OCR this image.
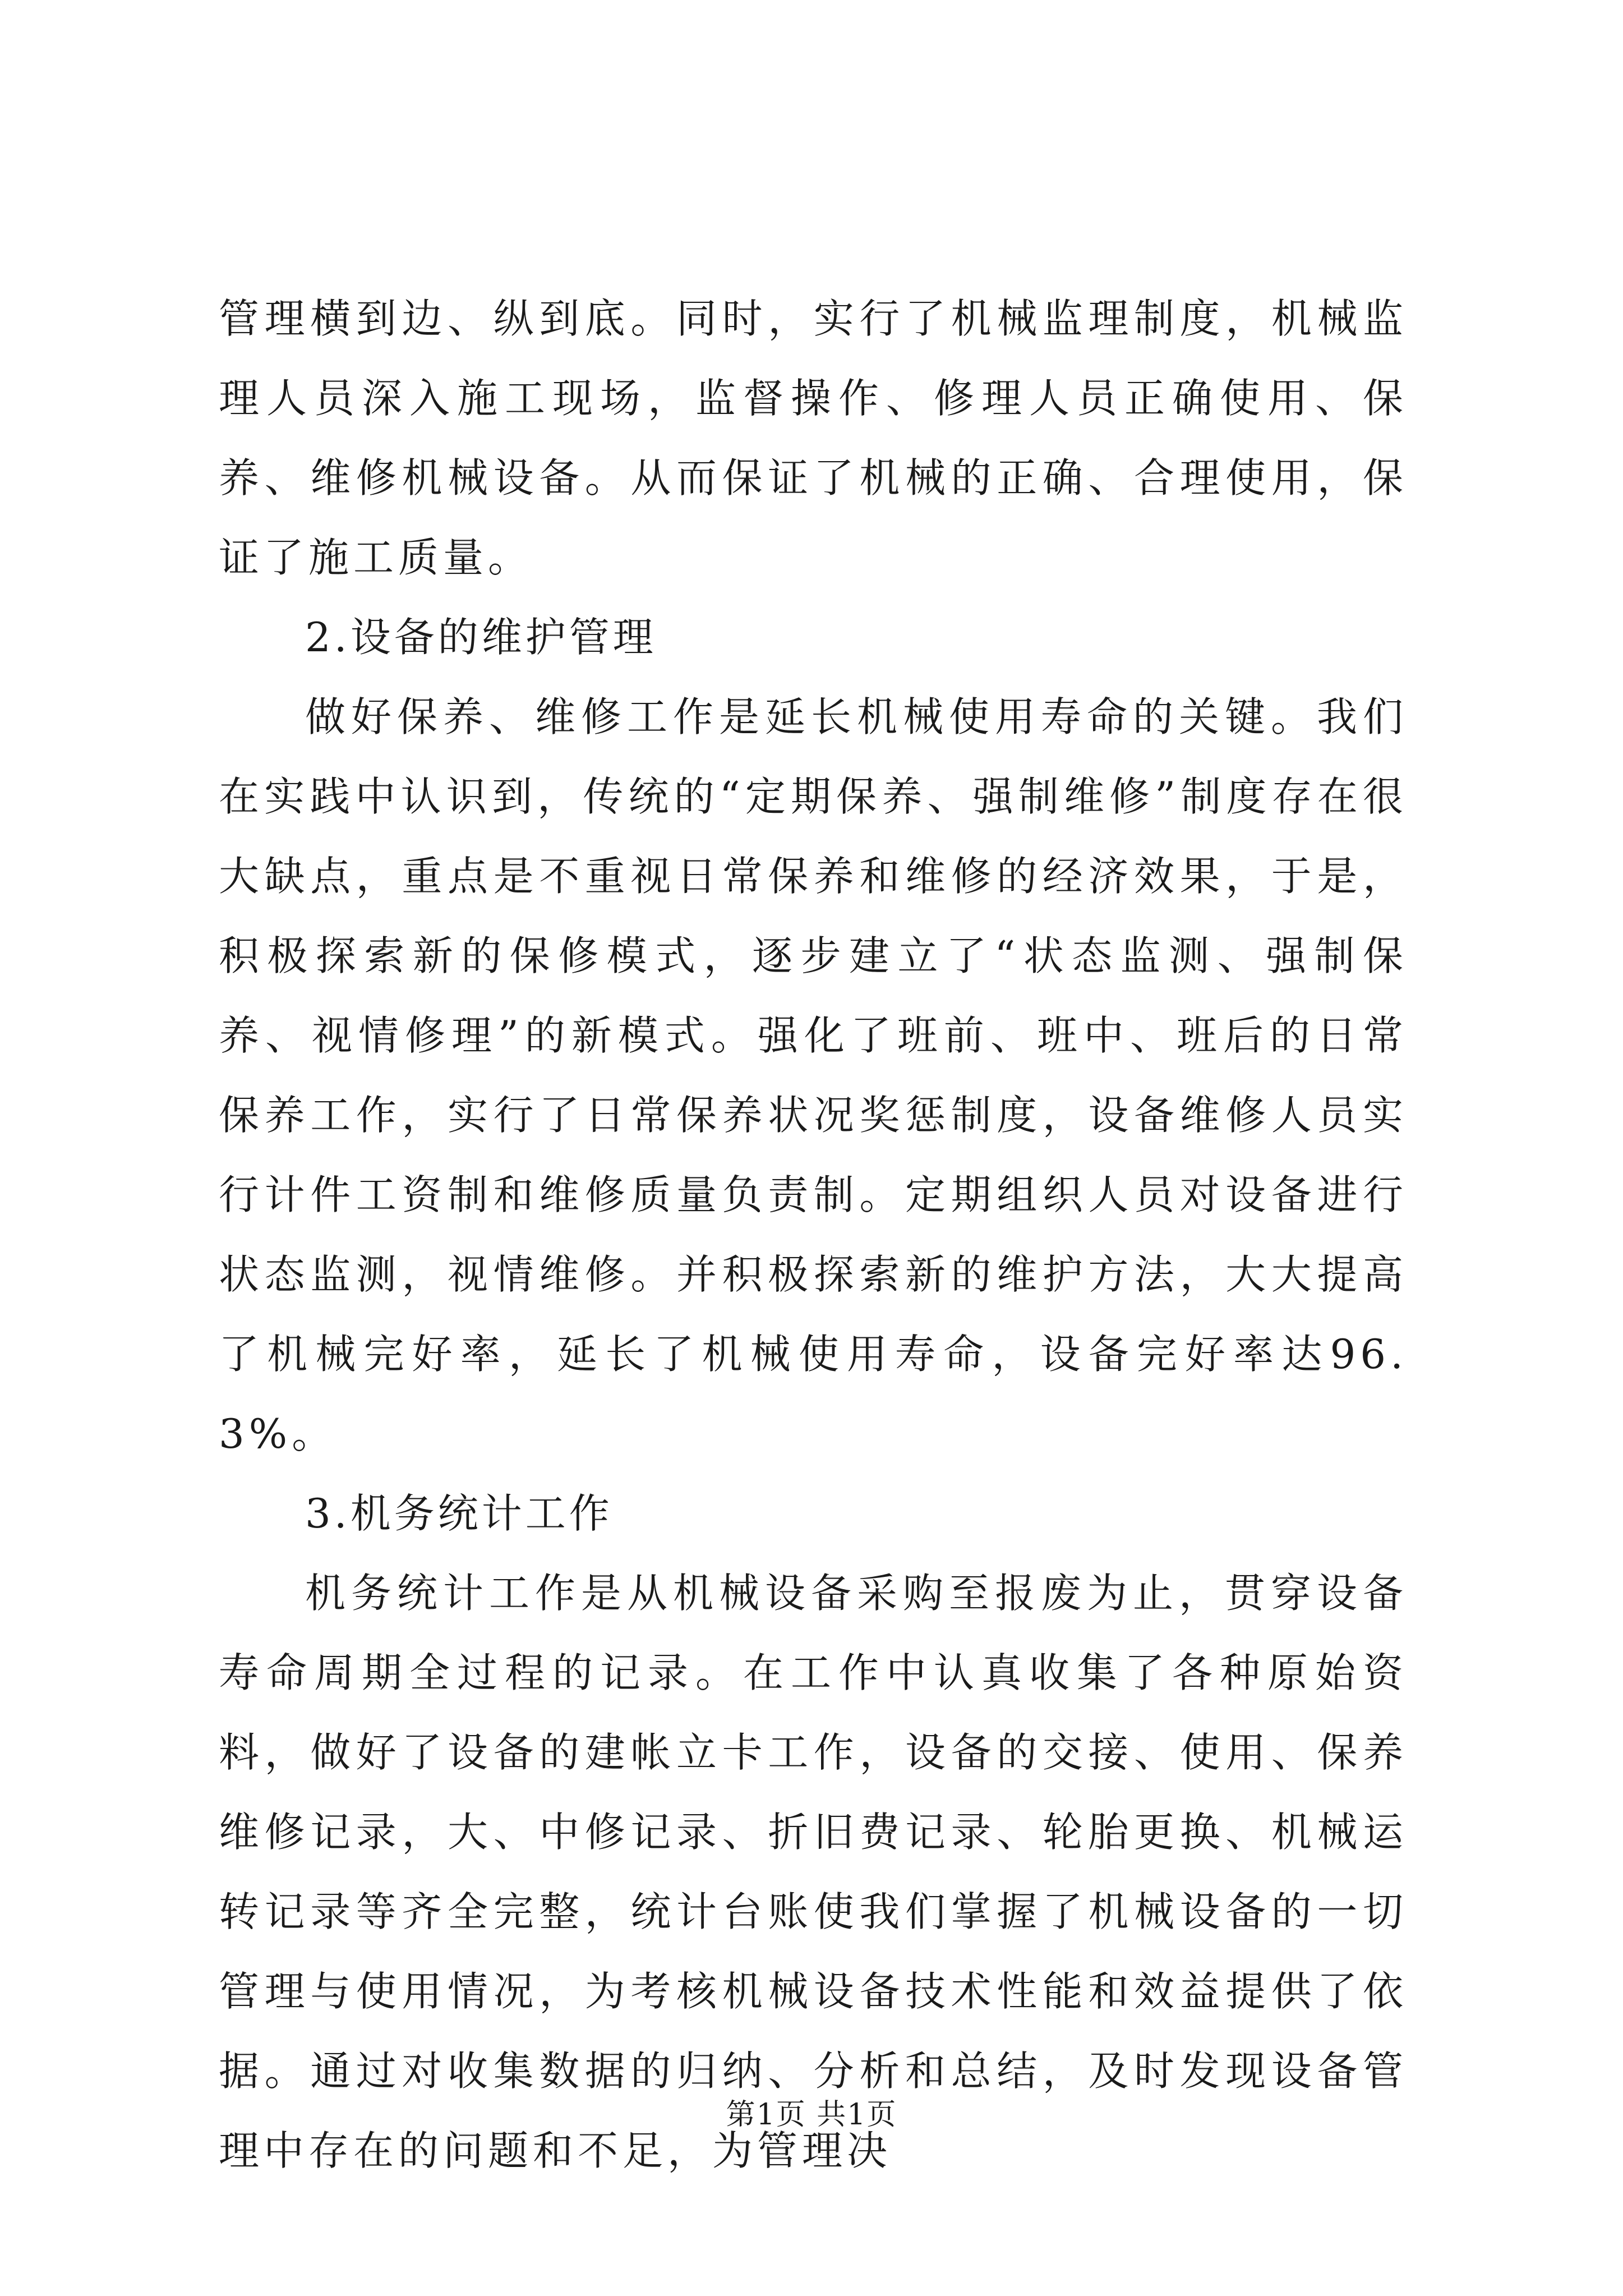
管理横到边、纵到底。同时，实行了机械监理制度，机械监理人员深入施工现场，监督操作、修理人员正确使用、保养、维修机械设备。从而保证了机械的正确、合理使用，保证了施工质量。

2.设备的维护管理

做好保养、维修工作是延长机械使用寿命的关键。我们在实践中认识到，传统的“定期保养、强制维修”制度存在很大缺点，重点是不重视日常保养和维修的经济效果，于是，积极探索新的保修模式，逐步建立了“状态监测、强制保养、视情修理”的新模式。强化了班前、班中、班后的日常保养工作，实行了日常保养状况奖惩制度，设备维修人员实行计件工资制和维修质量负责制。定期组织人员对设备进行状态监测，视情维修。并积极探索新的维护方法，大大提高了机械完好率，延长了机械使用寿命，设备完好率达96.3%。

3.机务统计工作

机务统计工作是从机械设备采购至报废为止，贯穿设备寿命周期全过程的记录。在工作中认真收集了各种原始资料，做好了设备的建帐立卡工作，设备的交接、使用、保养维修记录，大、中修记录、折旧费记录、轮胎更换、机械运转记录等齐全完整，统计台账使我们掌握了机械设备的一切管理与使用情况，为考核机械设备技术性能和效益提供了依据。通过对收集数据的归纳、分析和总结，及时发现设备管理中存在的问题和不足，为管理决

第1页 共1页
